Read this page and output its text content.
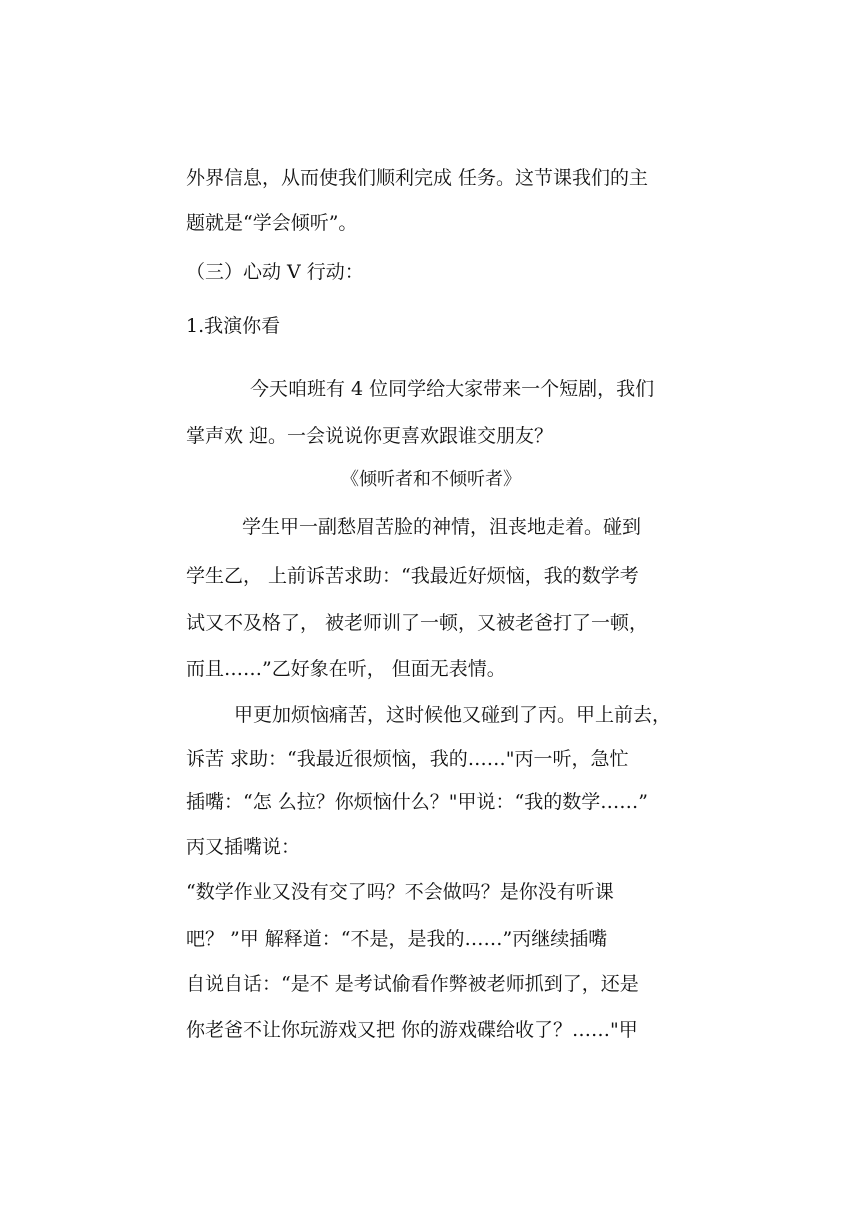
外界信息，从而使我们顺利完成 任务。这节课我们的主
题就是“学会倾听”。
（三）心动 V 行动：
1.我演你看
今天咱班有 4 位同学给大家带来一个短剧，我们
掌声欢 迎。一会说说你更喜欢跟谁交朋友？
《倾听者和不倾听者》
学生甲一副愁眉苦脸的神情，沮丧地走着。碰到
学生乙， 上前诉苦求助：“我最近好烦恼，我的数学考
试又不及格了， 被老师训了一顿，又被老爸打了一顿，
而且……”乙好象在听， 但面无表情。
甲更加烦恼痛苦，这时候他又碰到了丙。甲上前去，
诉苦 求助：“我最近很烦恼，我的……"丙一听，急忙
插嘴：“怎 么拉？你烦恼什么？"甲说：“我的数学……”
丙又插嘴说：
“数学作业又没有交了吗？不会做吗？是你没有听课
吧？ ”甲 解释道：“不是，是我的……”丙继续插嘴
自说自话：“是不 是考试偷看作弊被老师抓到了，还是
你老爸不让你玩游戏又把 你的游戏碟给收了？……"甲
